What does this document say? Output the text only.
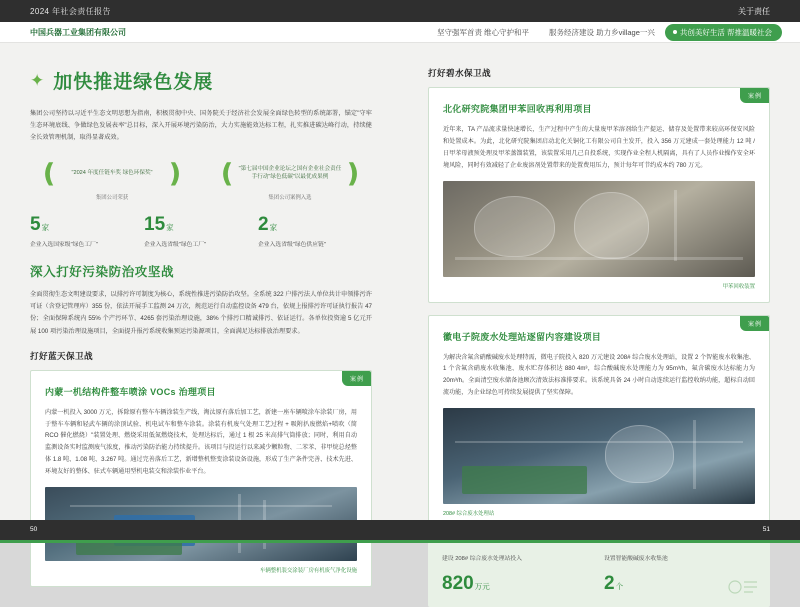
2024 年社会责任报告	关于责任
中国兵器工业集团有限公司	坚守强军首责 维心守护和平	服务经济建设 助力乡village一兴	共创美好生活 帮推温暖社会
✦ 加快推进绿色发展

集团公司坚持以习近平生态文明思想为指南，积极贯彻中央、国务院关于经济社会发展全面绿色转型的系统部署，锚定"守牢生态环境底线、争做绿色发展表率"总目标，深入开展环境污染防治，大力实施能效达标工程，扎实推进碳达峰行动，持续健全长效管理机制，取得显著成效。

❪	"2024 年度任链车奖 绿色环保奖" ❫
集团公司荣获
❪ "第七届中国企业论坛之国有企业社会责任手行动"绿色低碳"以最优成果例 ❫
集团公司案例入选
5家
企业入选国家级"绿色工厂"
15家
企业入选省级"绿色工厂"
2家
企业入选省级"绿色供应链"
深入打好污染防治攻坚战

全面贯彻生态文明建设要求，以排污许可制度为核心，系统性推进污染防治攻坚。全系统 322 户排污法人单位共计申领排污许可证（含登记管理库）355 份，依法开展手工监测 24 万次，规范运行自动监控设备 479 台，依规上报排污许可证执行报告 47 份；全面保障系统内 55% 个产污环节、4265 套污染治理设施，38% 个排污口精诚排污、依证运行。各单位投资逾 5 亿元开展 100 项污染治理设施项目，全面提升报污系统收集预运污染源项目，全面满足达标排放治理要求。

打好蓝天保卫战
案例
内蒙一机结构件整车喷涂 VOCs 治理项目

内蒙一机投入 3000 万元，拆除原有整车车辆涂装生产线，淘汰原有落后加工艺，新建一座车辆喷涂车涂装厂房，用于整车车辆和轻武车辆的涂顶试验、机电试车和整车涂装。涂装有机废气处理工艺过程 + 吸附扒废燃焰+喷吹（简 RCO 催化燃烧）"装置处理、燃烧采用低氮燃烧技术，处理达标后，通过 1 根 25 米高排气筒排放；同时，利用自动监测设备实时监测废气浓度，推动污染防治能力持续提升。该项目与投运行以来减少颗粒物、二苯苯、非甲烷总烃整体 1.8 吨、1.08 吨、3.267 吨。通过完善落后工艺，新增整机整变涂装设备设施，形成了生产条件完善、技术先进、环境友好的整体、驻式车辆通用型机电装交和涂装作业平台。

车辆整机装交涂装厂房有机废气净化设施
打好碧水保卫战
案例
北化研究院集团甲苯回收再利用项目

近年来，TA 产品流求量快速增长，生产过程中产生的大量废甲苯溶剂给生产提运、储存及处置带来较高环保安风险和处置成本。为此，北化研究院集团启动北化关铜化工有限公司自主发开，投入 356 万元建成一套处理能力 12 吨 / 日甲苯母液预处理及甲苯蒸馏装置，该装置采用几己自投系统，实现作业全程人机隔离，具有了人员作业操作安全环境风险，同时有效减轻了企业废溶剂处置带来的处置费用压力，预计每年可节约成本约 780 万元。

甲苯回收装置
案例
徽电子院废水处理站逐留内容建设项目

为解决含氟含硝酸碱废水处理特需，微电子院投入 820 万元建设 208# 综合废水处理站，设置 2 个智能废水收集池、1 个含氟含硝废水收集池、废水贮存体积达 880 4m³，综合酸碱废水处理能力为 95m³/h，氟含碳废水达标能力为 20m³/h。全面清空废水储备池顾次清效法标准排要求。该系统具备 24 小时自动连续运行监控收纳功能，超标自动回流功能，为企业绿色可持续发展提供了坚实保障。

208# 综合废水处理站
建设 208# 综合废水处理站投入
820万元
设置智能酸碱废水收集池
2个
50	51
